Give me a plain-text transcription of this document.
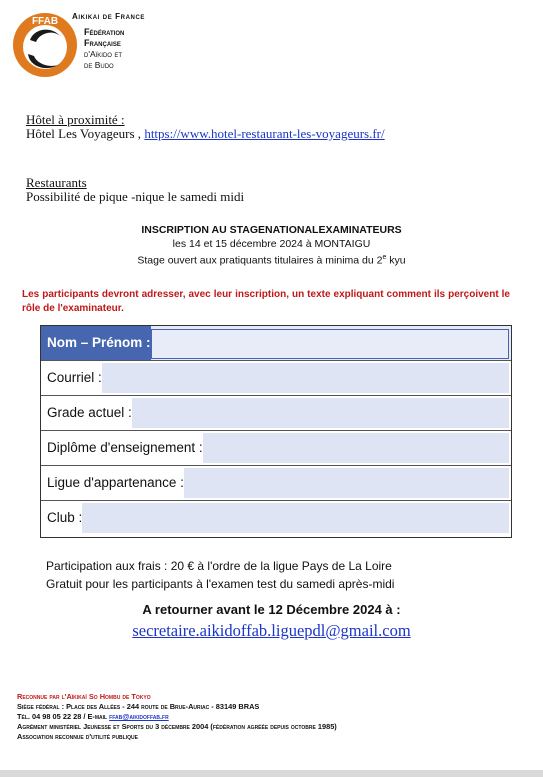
FFAB Aikikai de France
Fédération
Française
d'Aïkido et
de Budo
Hôtel à proximité :
Hôtel Les Voyageurs , https://www.hotel-restaurant-les-voyageurs.fr/
Restaurants
Possibilité de pique -nique le samedi midi
INSCRIPTION AU STAGENATIONALEXAMINATEURS
les 14 et 15 décembre 2024 à MONTAIGU
Stage ouvert aux pratiquants titulaires à minima du 2e kyu
Les participants devront adresser, avec leur inscription, un texte expliquant comment ils perçoivent le rôle de l'examinateur.
Nom – Prénom :
Courriel :
Grade actuel :
Diplôme d'enseignement :
Ligue d'appartenance :
Club :
Participation aux frais : 20 € à l'ordre de la ligue Pays de La Loire
Gratuit pour les participants à l'examen test du samedi après-midi
A retourner avant le 12 Décembre 2024 à :
secretaire.aikidoffab.liguepdl@gmail.com
Reconnue par l'Aïkikaï So Hombu de Tokyo
Siège fédéral : Place des Allées - 244 route de Brue-Auriac - 83149 BRAS
Tél. 04 98 05 22 28 / E-mail ffab@aikidoffab.fr
Agrément ministériel Jeunesse et Sports du 3 décembre 2004 (fédération agréée depuis octobre 1985)
Association reconnue d'utilité publique
